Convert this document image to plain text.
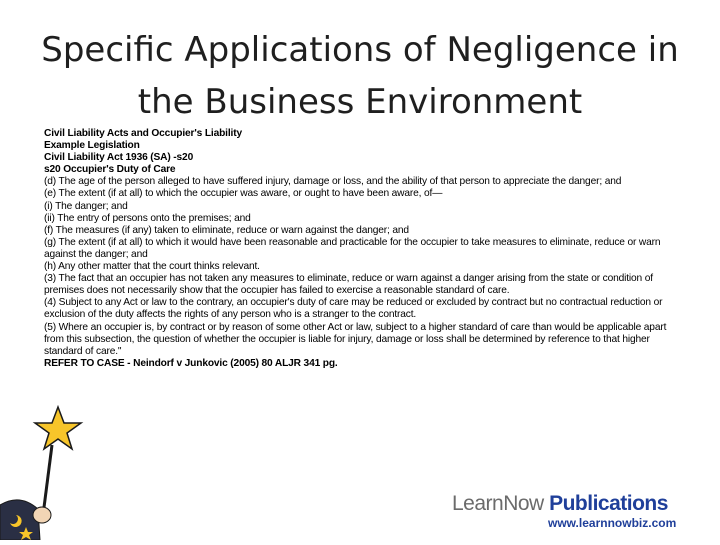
Specific Applications of Negligence in
the Business Environment

Civil Liability Acts and Occupier's Liability

Example Legislation

Civil Liability Act 1936 (SA) -s20

s20 Occupier's Duty of Care

(d) The age of the person alleged to have suffered injury, damage or loss, and the ability of that person to appreciate the danger; and

(e) The extent (if at all) to which the occupier was aware, or ought to have been aware, of—

(i) The danger; and

(ii) The entry of persons onto the premises; and

(f) The measures (if any) taken to eliminate, reduce or warn against the danger; and

(g) The extent (if at all) to which it would have been reasonable and practicable for the occupier to take measures to eliminate, reduce or warn against the danger; and

(h) Any other matter that the court thinks relevant.

(3) The fact that an occupier has not taken any measures to eliminate, reduce or warn against a danger arising from the state or condition of premises does not necessarily show that the occupier has failed to exercise a reasonable standard of care.

(4) Subject to any Act or law to the contrary, an occupier's duty of care may be reduced or excluded by contract but no contractual reduction or exclusion of the duty affects the rights of any person who is a stranger to the contract.

(5) Where an occupier is, by contract or by reason of some other Act or law, subject to a higher standard of care than would be applicable apart from this subsection, the question of whether the occupier is liable for injury, damage or loss shall be determined by reference to that higher standard of care."

REFER TO CASE - Neindorf v Junkovic (2005) 80 ALJR 341 pg.

LearnNow Publications
www.learnnowbiz.com
